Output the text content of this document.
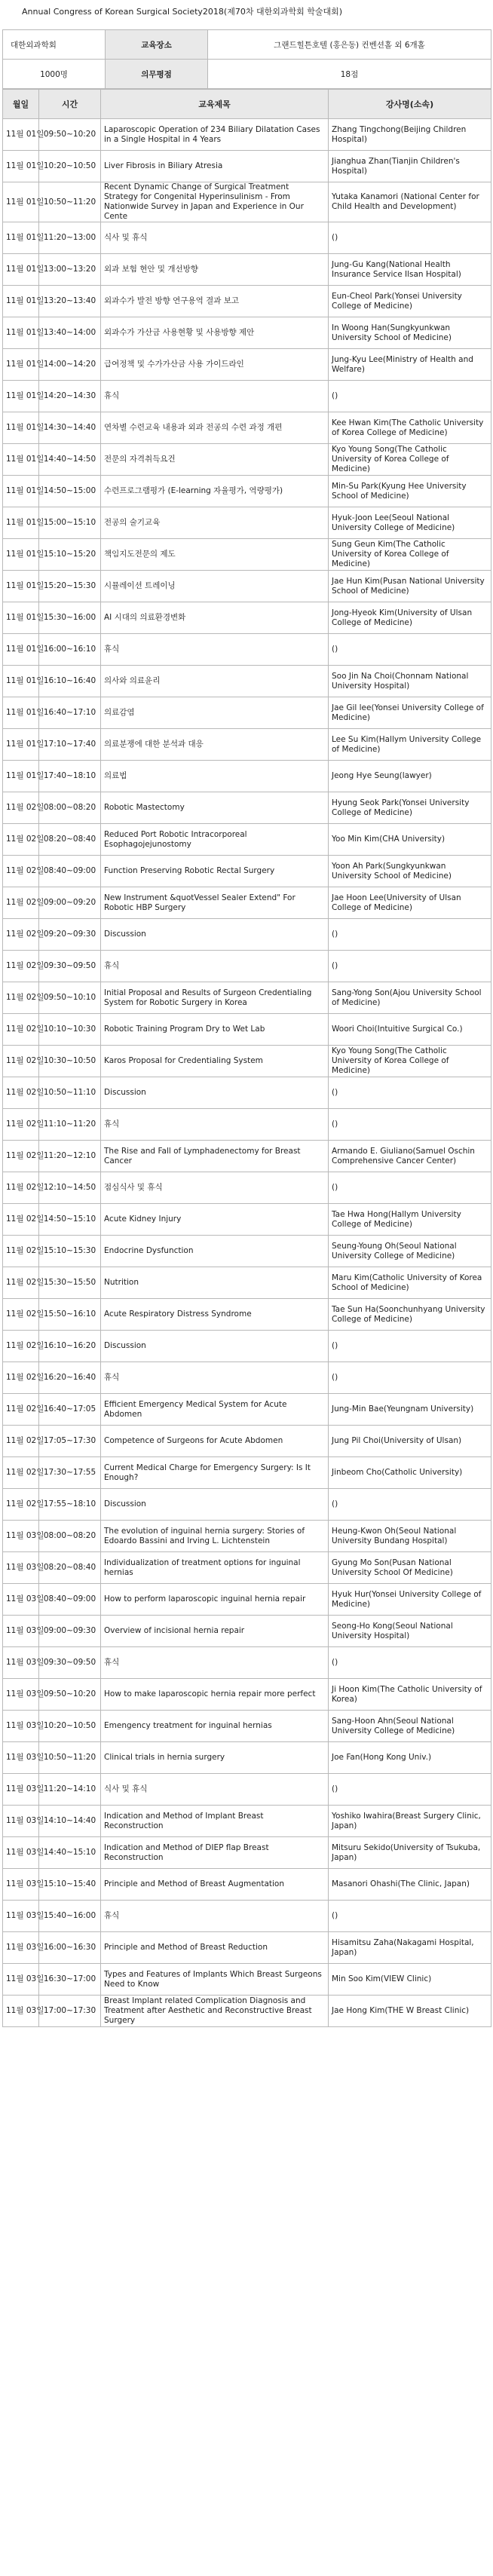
Annual Congress of Korean Surgical Society2018(제70차 대한외과학회 학술대회)
대한외과학회	교육장소	그랜드힐튼호텔 (홍은동) 컨벤션홀 외 6개홀
1000명	의무평점	18점
월일	시간	교육제목	강사명(소속)
11월 01일	09:50~10:20	Laparoscopic Operation of 234 Biliary Dilatation Cases in a Single Hospital in 4 Years	Zhang Tingchong(Beijing Children Hospital)
11월 01일	10:20~10:50	Liver Fibrosis in Biliary Atresia	Jianghua Zhan(Tianjin Children's Hospital)
11월 01일	10:50~11:20	Recent Dynamic Change of Surgical Treatment Strategy for Congenital Hyperinsulinism - From Nationwide Survey in Japan and Experience in Our Cente	Yutaka Kanamori (National Center for Child Health and Development)
11월 01일	11:20~13:00	식사 및 휴식	()
11월 01일	13:00~13:20	외과 보험 현안 및 개선방향	Jung-Gu Kang(National Health Insurance Service Ilsan Hospital)
11월 01일	13:20~13:40	외과수가 발전 방향 연구용역 결과 보고	Eun-Cheol Park(Yonsei University College of Medicine)
11월 01일	13:40~14:00	외과수가 가산금 사용현황 및 사용방향 제안	In Woong Han(Sungkyunkwan University School of Medicine)
11월 01일	14:00~14:20	급여정책 및 수가가산금 사용 가이드라인	Jung-Kyu Lee(Ministry of Health and Welfare)
11월 01일	14:20~14:30	휴식	()
11월 01일	14:30~14:40	연차별 수련교육 내용과 외과 전공의 수련 과정 개편	Kee Hwan Kim(The Catholic University of Korea College of Medicine)
11월 01일	14:40~14:50	전문의 자격취득요건	Kyo Young Song(The Catholic University of Korea College of Medicine)
11월 01일	14:50~15:00	수련프로그램평가 (E-learning 자율평가, 역량평가)	Min-Su Park(Kyung Hee University School of Medicine)
11월 01일	15:00~15:10	전공의 술기교육	Hyuk-Joon Lee(Seoul National University College of Medicine)
11월 01일	15:10~15:20	책임지도전문의 제도	Sung Geun Kim(The Catholic University of Korea College of Medicine)
11월 01일	15:20~15:30	시뮬레이션 트레이닝	Jae Hun Kim(Pusan National University School of Medicine)
11월 01일	15:30~16:00	AI 시대의 의료환경변화	Jong-Hyeok Kim(University of Ulsan College of Medicine)
11월 01일	16:00~16:10	휴식	()
11월 01일	16:10~16:40	의사와 의료윤리	Soo Jin Na Choi(Chonnam National University Hospital)
11월 01일	16:40~17:10	의료감염	Jae Gil lee(Yonsei University College of Medicine)
11월 01일	17:10~17:40	의료분쟁에 대한 분석과 대응	Lee Su Kim(Hallym University College of Medicine)
11월 01일	17:40~18:10	의료법	Jeong Hye Seung(lawyer)
11월 02일	08:00~08:20	Robotic Mastectomy	Hyung Seok Park(Yonsei University College of Medicine)
11월 02일	08:20~08:40	Reduced Port Robotic Intracorporeal Esophagojejunostomy	Yoo Min Kim(CHA University)
11월 02일	08:40~09:00	Function Preserving Robotic Rectal Surgery	Yoon Ah Park(Sungkyunkwan University School of Medicine)
11월 02일	09:00~09:20	New Instrument &quotVessel Sealer Extend" For Robotic HBP Surgery	Jae Hoon Lee(University of Ulsan College of Medicine)
11월 02일	09:20~09:30	Discussion	()
11월 02일	09:30~09:50	휴식	()
11월 02일	09:50~10:10	Initial Proposal and Results of Surgeon Credentialing System for Robotic Surgery in Korea	Sang-Yong Son(Ajou University School of Medicine)
11월 02일	10:10~10:30	Robotic Training Program Dry to Wet Lab	Woori Choi(Intuitive Surgical Co.)
11월 02일	10:30~10:50	Karos Proposal for Credentialing System	Kyo Young Song(The Catholic University of Korea College of Medicine)
11월 02일	10:50~11:10	Discussion	()
11월 02일	11:10~11:20	휴식	()
11월 02일	11:20~12:10	The Rise and Fall of Lymphadenectomy for Breast Cancer	Armando E. Giuliano(Samuel Oschin Comprehensive Cancer Center)
11월 02일	12:10~14:50	점심식사 및 휴식	()
11월 02일	14:50~15:10	Acute Kidney Injury	Tae Hwa Hong(Hallym University College of Medicine)
11월 02일	15:10~15:30	Endocrine Dysfunction	Seung-Young Oh(Seoul National University College of Medicine)
11월 02일	15:30~15:50	Nutrition	Maru Kim(Catholic University of Korea School of Medicine)
11월 02일	15:50~16:10	Acute Respiratory Distress Syndrome	Tae Sun Ha(Soonchunhyang University College of Medicine)
11월 02일	16:10~16:20	Discussion	()
11월 02일	16:20~16:40	휴식	()
11월 02일	16:40~17:05	Efficient Emergency Medical System for Acute Abdomen	Jung-Min Bae(Yeungnam University)
11월 02일	17:05~17:30	Competence of Surgeons for Acute Abdomen	Jung Pil Choi(University of Ulsan)
11월 02일	17:30~17:55	Current Medical Charge for Emergency Surgery: Is It Enough?	Jinbeom Cho(Catholic University)
11월 02일	17:55~18:10	Discussion	()
11월 03일	08:00~08:20	The evolution of inguinal hernia surgery: Stories of Edoardo Bassini and Irving L. Lichtenstein	Heung-Kwon Oh(Seoul National University Bundang Hospital)
11월 03일	08:20~08:40	Individualization of treatment options for inguinal hernias	Gyung Mo Son(Pusan National University School Of Medicine)
11월 03일	08:40~09:00	How to perform laparoscopic inguinal hernia repair	Hyuk Hur(Yonsei University College of Medicine)
11월 03일	09:00~09:30	Overview of incisional hernia repair	Seong-Ho Kong(Seoul National University Hospital)
11월 03일	09:30~09:50	휴식	()
11월 03일	09:50~10:20	How to make laparoscopic hernia repair more perfect	Ji Hoon Kim(The Catholic University of Korea)
11월 03일	10:20~10:50	Emengency treatment for inguinal hernias	Sang-Hoon Ahn(Seoul National University College of Medicine)
11월 03일	10:50~11:20	Clinical trials in hernia surgery	Joe Fan(Hong Kong Univ.)
11월 03일	11:20~14:10	식사 및 휴식	()
11월 03일	14:10~14:40	Indication and Method of Implant Breast Reconstruction	Yoshiko Iwahira(Breast Surgery Clinic, Japan)
11월 03일	14:40~15:10	Indication and Method of DIEP flap Breast Reconstruction	Mitsuru Sekido(University of Tsukuba, Japan)
11월 03일	15:10~15:40	Principle and Method of Breast Augmentation	Masanori Ohashi(The Clinic, Japan)
11월 03일	15:40~16:00	휴식	()
11월 03일	16:00~16:30	Principle and Method of Breast Reduction	Hisamitsu Zaha(Nakagami Hospital, Japan)
11월 03일	16:30~17:00	Types and Features of Implants Which Breast Surgeons Need to Know	Min Soo Kim(VIEW Clinic)
11월 03일	17:00~17:30	Breast Implant related Complication Diagnosis and Treatment after Aesthetic and Reconstructive Breast Surgery	Jae Hong Kim(THE W Breast Clinic)
